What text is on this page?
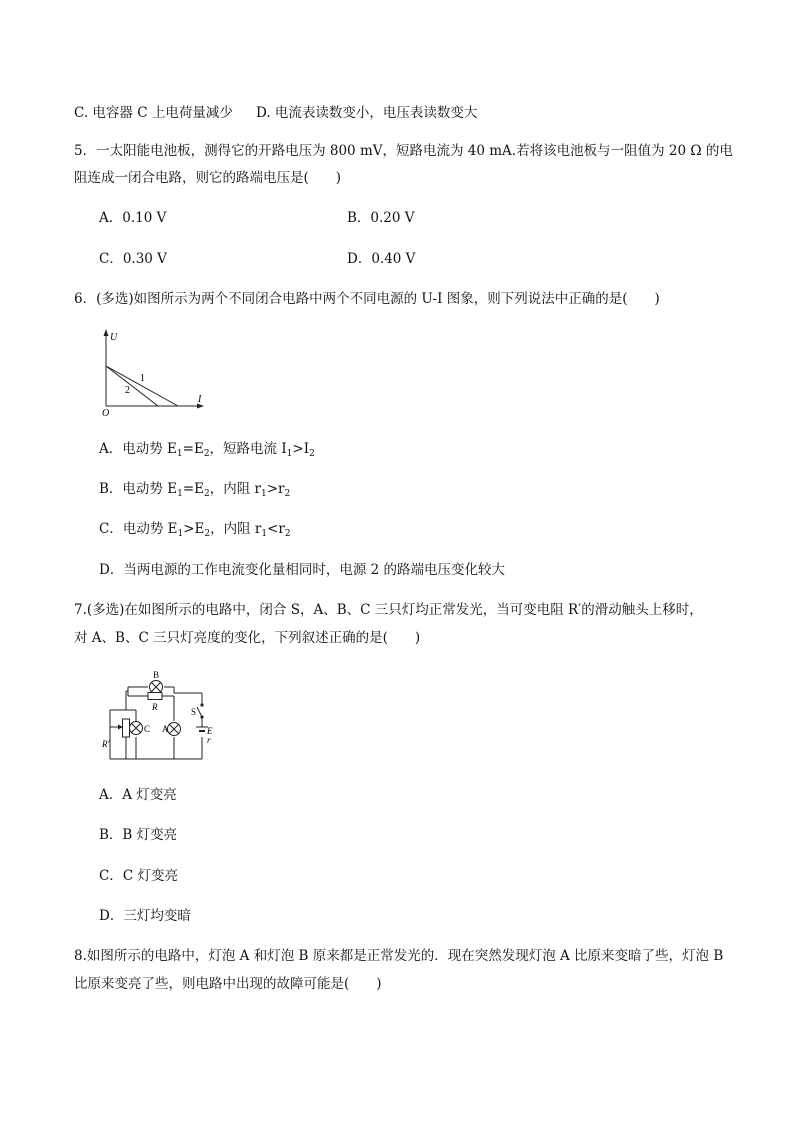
C. 电容器 C 上电荷量减少 D. 电流表读数变小，电压表读数变大
5．一太阳能电池板，测得它的开路电压为 800 mV，短路电流为 40 mA.若将该电池板与一阻值为 20 Ω 的电
阻连成一闭合电路，则它的路端电压是(　　)
A．0.10 V	B．0.20 V
C．0.30 V	D．0.40 V
6．(多选)如图所示为两个不同闭合电路中两个不同电源的 U-I 图象，则下列说法中正确的是(　　)
U
I
O
1
2
A．电动势 $E_1=E_2$，短路电流 $I_1>I_2$
B．电动势 $E_1=E_2$，内阻 $r_1>r_2$
C．电动势 $E_1>E_2$，内阻 $r_1<r_2$
D．当两电源的工作电流变化量相同时，电源 2 的路端电压变化较大
7.(多选)在如图所示的电路中，闭合 S，A、B、C 三只灯均正常发光，当可变电阻 R′的滑动触头上移时，
对 A、B、C 三只灯亮度的变化，下列叙述正确的是(　　)
B
R
R′
C A
S
E
r
A．A 灯变亮
B．B 灯变亮
C．C 灯变亮
D．三灯均变暗
8.如图所示的电路中，灯泡 A 和灯泡 B 原来都是正常发光的．现在突然发现灯泡 A 比原来变暗了些，灯泡 B
比原来变亮了些，则电路中出现的故障可能是(　　)
